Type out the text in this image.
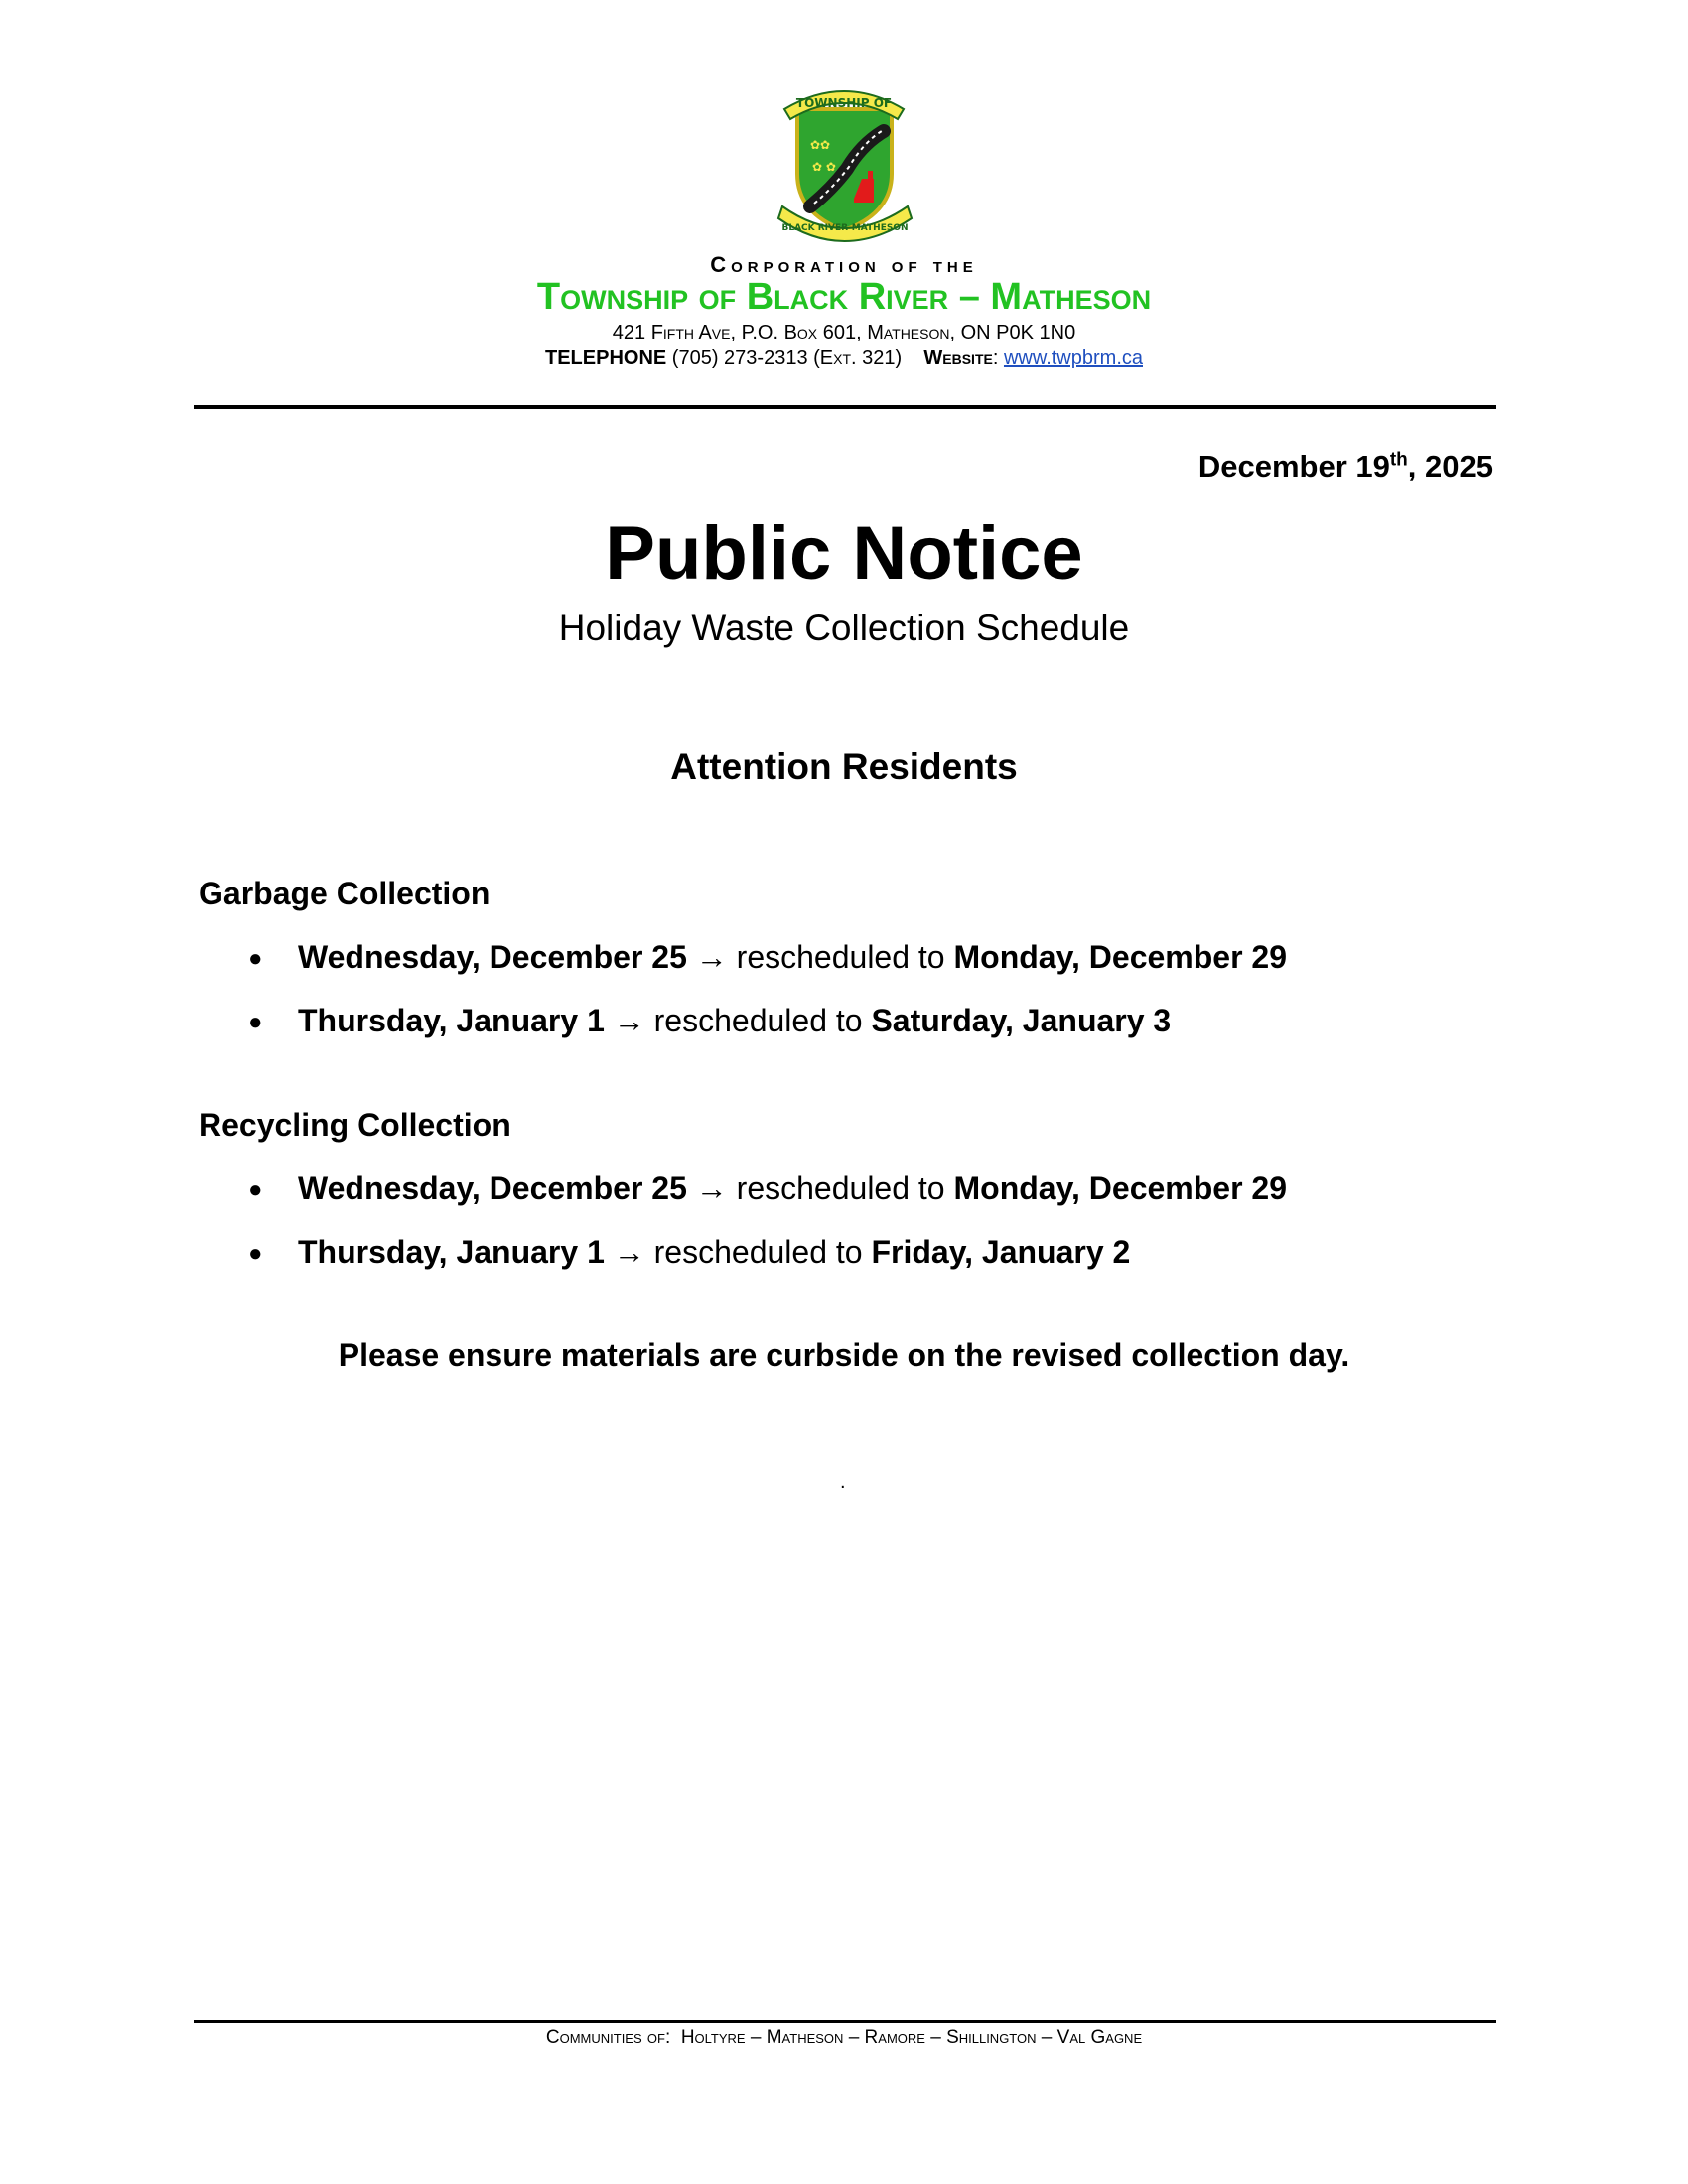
✿✿
✿ ✿
TOWNSHIP OF
BLACK RIVER-MATHESON
Corporation of the
Township of Black River – Matheson
421 Fifth Ave, P.O. Box 601, Matheson, ON P0K 1N0
TELEPHONE (705) 273-2313 (Ext. 321) Website: www.twpbrm.ca
December 19th, 2025
Public Notice
Holiday Waste Collection Schedule
Attention Residents
Garbage Collection
● Wednesday, December 25 → rescheduled to Monday, December 29
● Thursday, January 1 → rescheduled to Saturday, January 3
Recycling Collection
● Wednesday, December 25 → rescheduled to Monday, December 29
● Thursday, January 1 → rescheduled to Friday, January 2
Please ensure materials are curbside on the revised collection day.
.
Communities of: Holtyre – Matheson – Ramore – Shillington – Val Gagne
